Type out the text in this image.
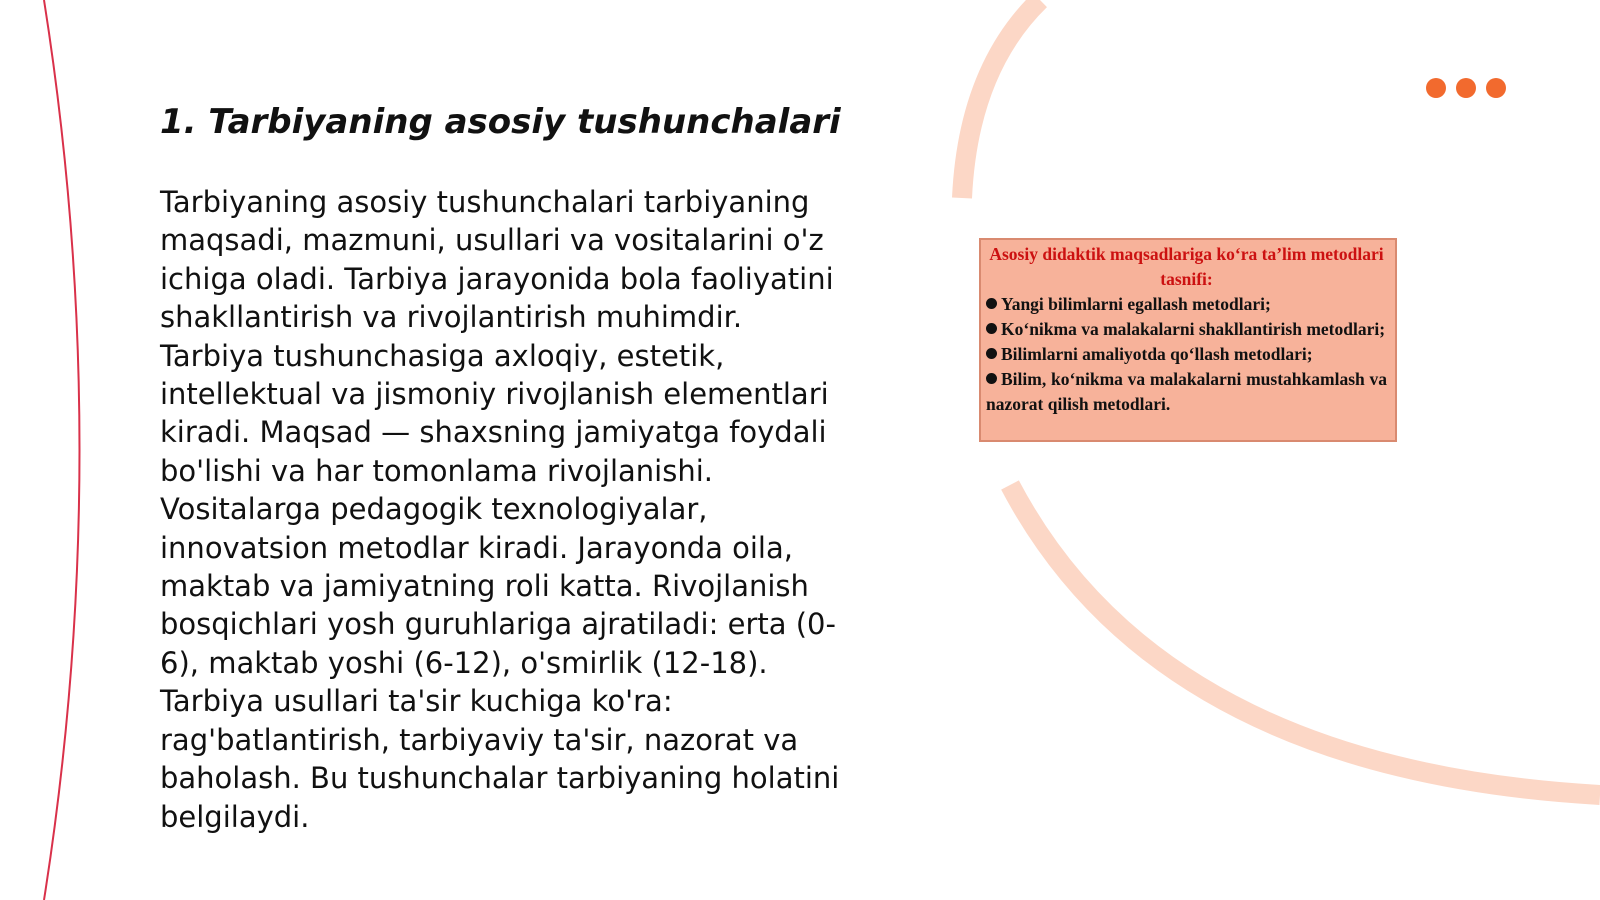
1. Tarbiyaning asosiy tushunchalari

Tarbiyaning asosiy tushunchalari tarbiyaning maqsadi, mazmuni, usullari va vositalarini o'z ichiga oladi. Tarbiya jarayonida bola faoliyatini shakllantirish va rivojlantirish muhimdir. Tarbiya tushunchasiga axloqiy, estetik, intellektual va jismoniy rivojlanish elementlari kiradi. Maqsad — shaxsning jamiyatga foydali bo'lishi va har tomonlama rivojlanishi. Vositalarga pedagogik texnologiyalar, innovatsion metodlar kiradi. Jarayonda oila, maktab va jamiyatning roli katta. Rivojlanish bosqichlari yosh guruhlariga ajratiladi: erta (0-6), maktab yoshi (6-12), o'smirlik (12-18). Tarbiya usullari ta'sir kuchiga ko'ra: rag'batlantirish, tarbiyaviy ta'sir, nazorat va baholash. Bu tushunchalar tarbiyaning holatini belgilaydi.

Asosiy didaktik maqsadlariga ko‘ra ta’lim metodlari tasnifi:

Yangi bilimlarni egallash metodlari;

Ko‘nikma va malakalarni shakllantirish metodlari;

Bilimlarni amaliyotda qo‘llash metodlari;

Bilim, ko‘nikma va malakalarni mustahkamlash va nazorat qilish metodlari.
